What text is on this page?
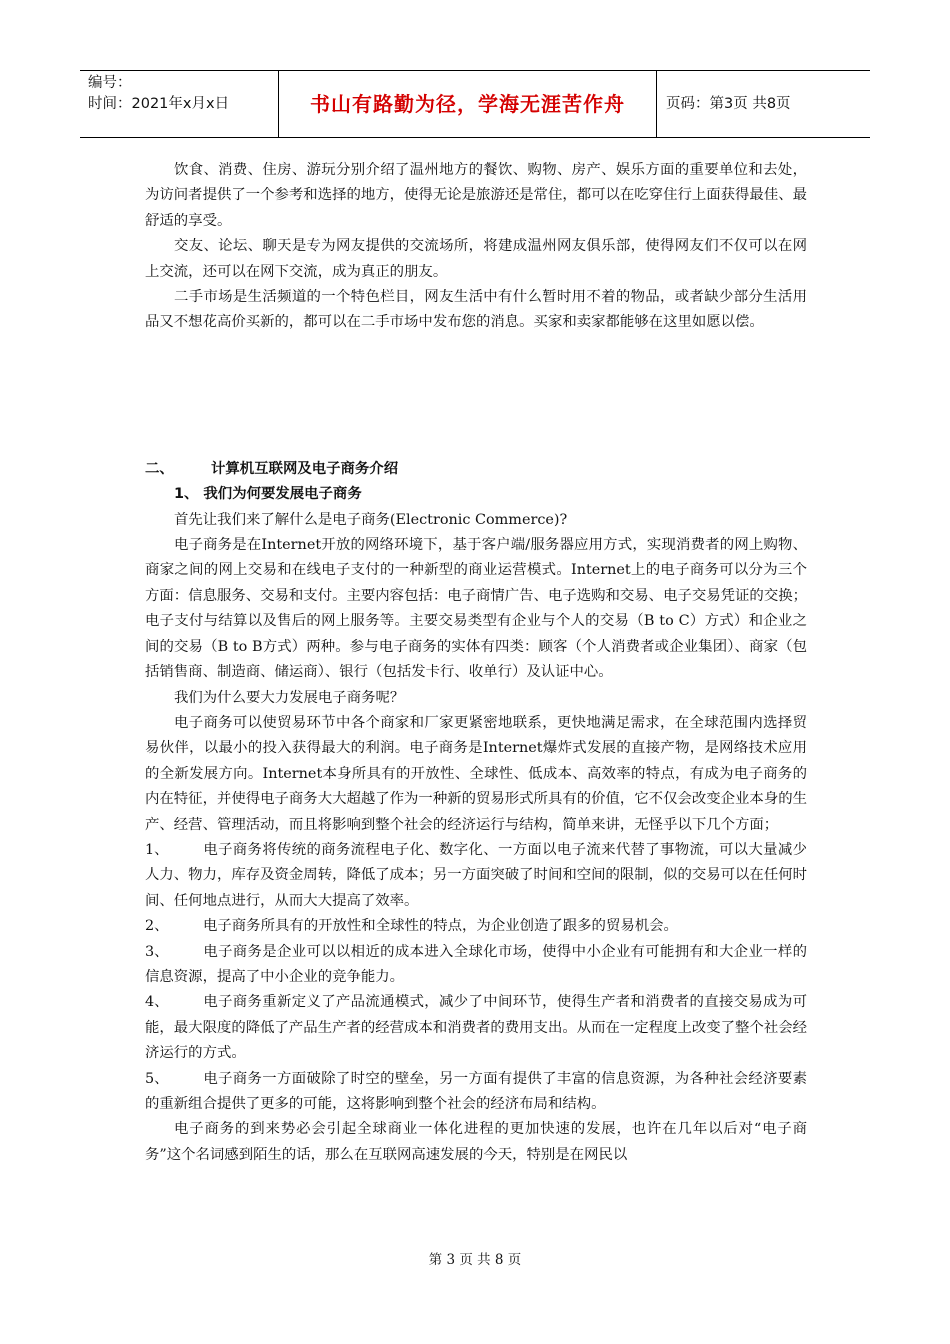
编号：
时间：2021年x月x日	书山有路勤为径，学海无涯苦作舟	页码：第3页 共8页

饮食、消费、住房、游玩分别介绍了温州地方的餐饮、购物、房产、娱乐方面的重要单位和去处，为访问者提供了一个参考和选择的地方，使得无论是旅游还是常住，都可以在吃穿住行上面获得最佳、最舒适的享受。

交友、论坛、聊天是专为网友提供的交流场所，将建成温州网友俱乐部，使得网友们不仅可以在网上交流，还可以在网下交流，成为真正的朋友。

二手市场是生活频道的一个特色栏目，网友生活中有什么暂时用不着的物品，或者缺少部分生活用品又不想花高价买新的，都可以在二手市场中发布您的消息。买家和卖家都能够在这里如愿以偿。

二、	计算机互联网及电子商务介绍

1、 我们为何要发展电子商务

首先让我们来了解什么是电子商务(Electronic Commerce)?

电子商务是在Internet开放的网络环境下，基于客户端/服务器应用方式，实现消费者的网上购物、商家之间的网上交易和在线电子支付的一种新型的商业运营模式。Internet上的电子商务可以分为三个方面：信息服务、交易和支付。主要内容包括：电子商情广告、电子选购和交易、电子交易凭证的交换；电子支付与结算以及售后的网上服务等。主要交易类型有企业与个人的交易（B to C）方式）和企业之间的交易（B to B方式）两种。参与电子商务的实体有四类：顾客（个人消费者或企业集团）、商家（包括销售商、制造商、储运商）、银行（包括发卡行、收单行）及认证中心。

我们为什么要大力发展电子商务呢？

电子商务可以使贸易环节中各个商家和厂家更紧密地联系，更快地满足需求，在全球范围内选择贸易伙伴，以最小的投入获得最大的利润。电子商务是Internet爆炸式发展的直接产物，是网络技术应用的全新发展方向。Internet本身所具有的开放性、全球性、低成本、高效率的特点，有成为电子商务的内在特征，并使得电子商务大大超越了作为一种新的贸易形式所具有的价值，它不仅会改变企业本身的生产、经营、管理活动，而且将影响到整个社会的经济运行与结构，简单来讲，无怪乎以下几个方面；

1、 电子商务将传统的商务流程电子化、数字化、一方面以电子流来代替了事物流，可以大量减少人力、物力，库存及资金周转，降低了成本；另一方面突破了时间和空间的限制，似的交易可以在任何时间、任何地点进行，从而大大提高了效率。

2、 电子商务所具有的开放性和全球性的特点，为企业创造了跟多的贸易机会。

3、 电子商务是企业可以以相近的成本进入全球化市场，使得中小企业有可能拥有和大企业一样的信息资源，提高了中小企业的竞争能力。

4、 电子商务重新定义了产品流通模式，减少了中间环节，使得生产者和消费者的直接交易成为可能，最大限度的降低了产品生产者的经营成本和消费者的费用支出。从而在一定程度上改变了整个社会经济运行的方式。

5、 电子商务一方面破除了时空的壁垒，另一方面有提供了丰富的信息资源，为各种社会经济要素的重新组合提供了更多的可能，这将影响到整个社会的经济布局和结构。

电子商务的到来势必会引起全球商业一体化进程的更加快速的发展，也许在几年以后对“电子商务”这个名词感到陌生的话，那么在互联网高速发展的今天，特别是在网民以

第 3 页 共 8 页
